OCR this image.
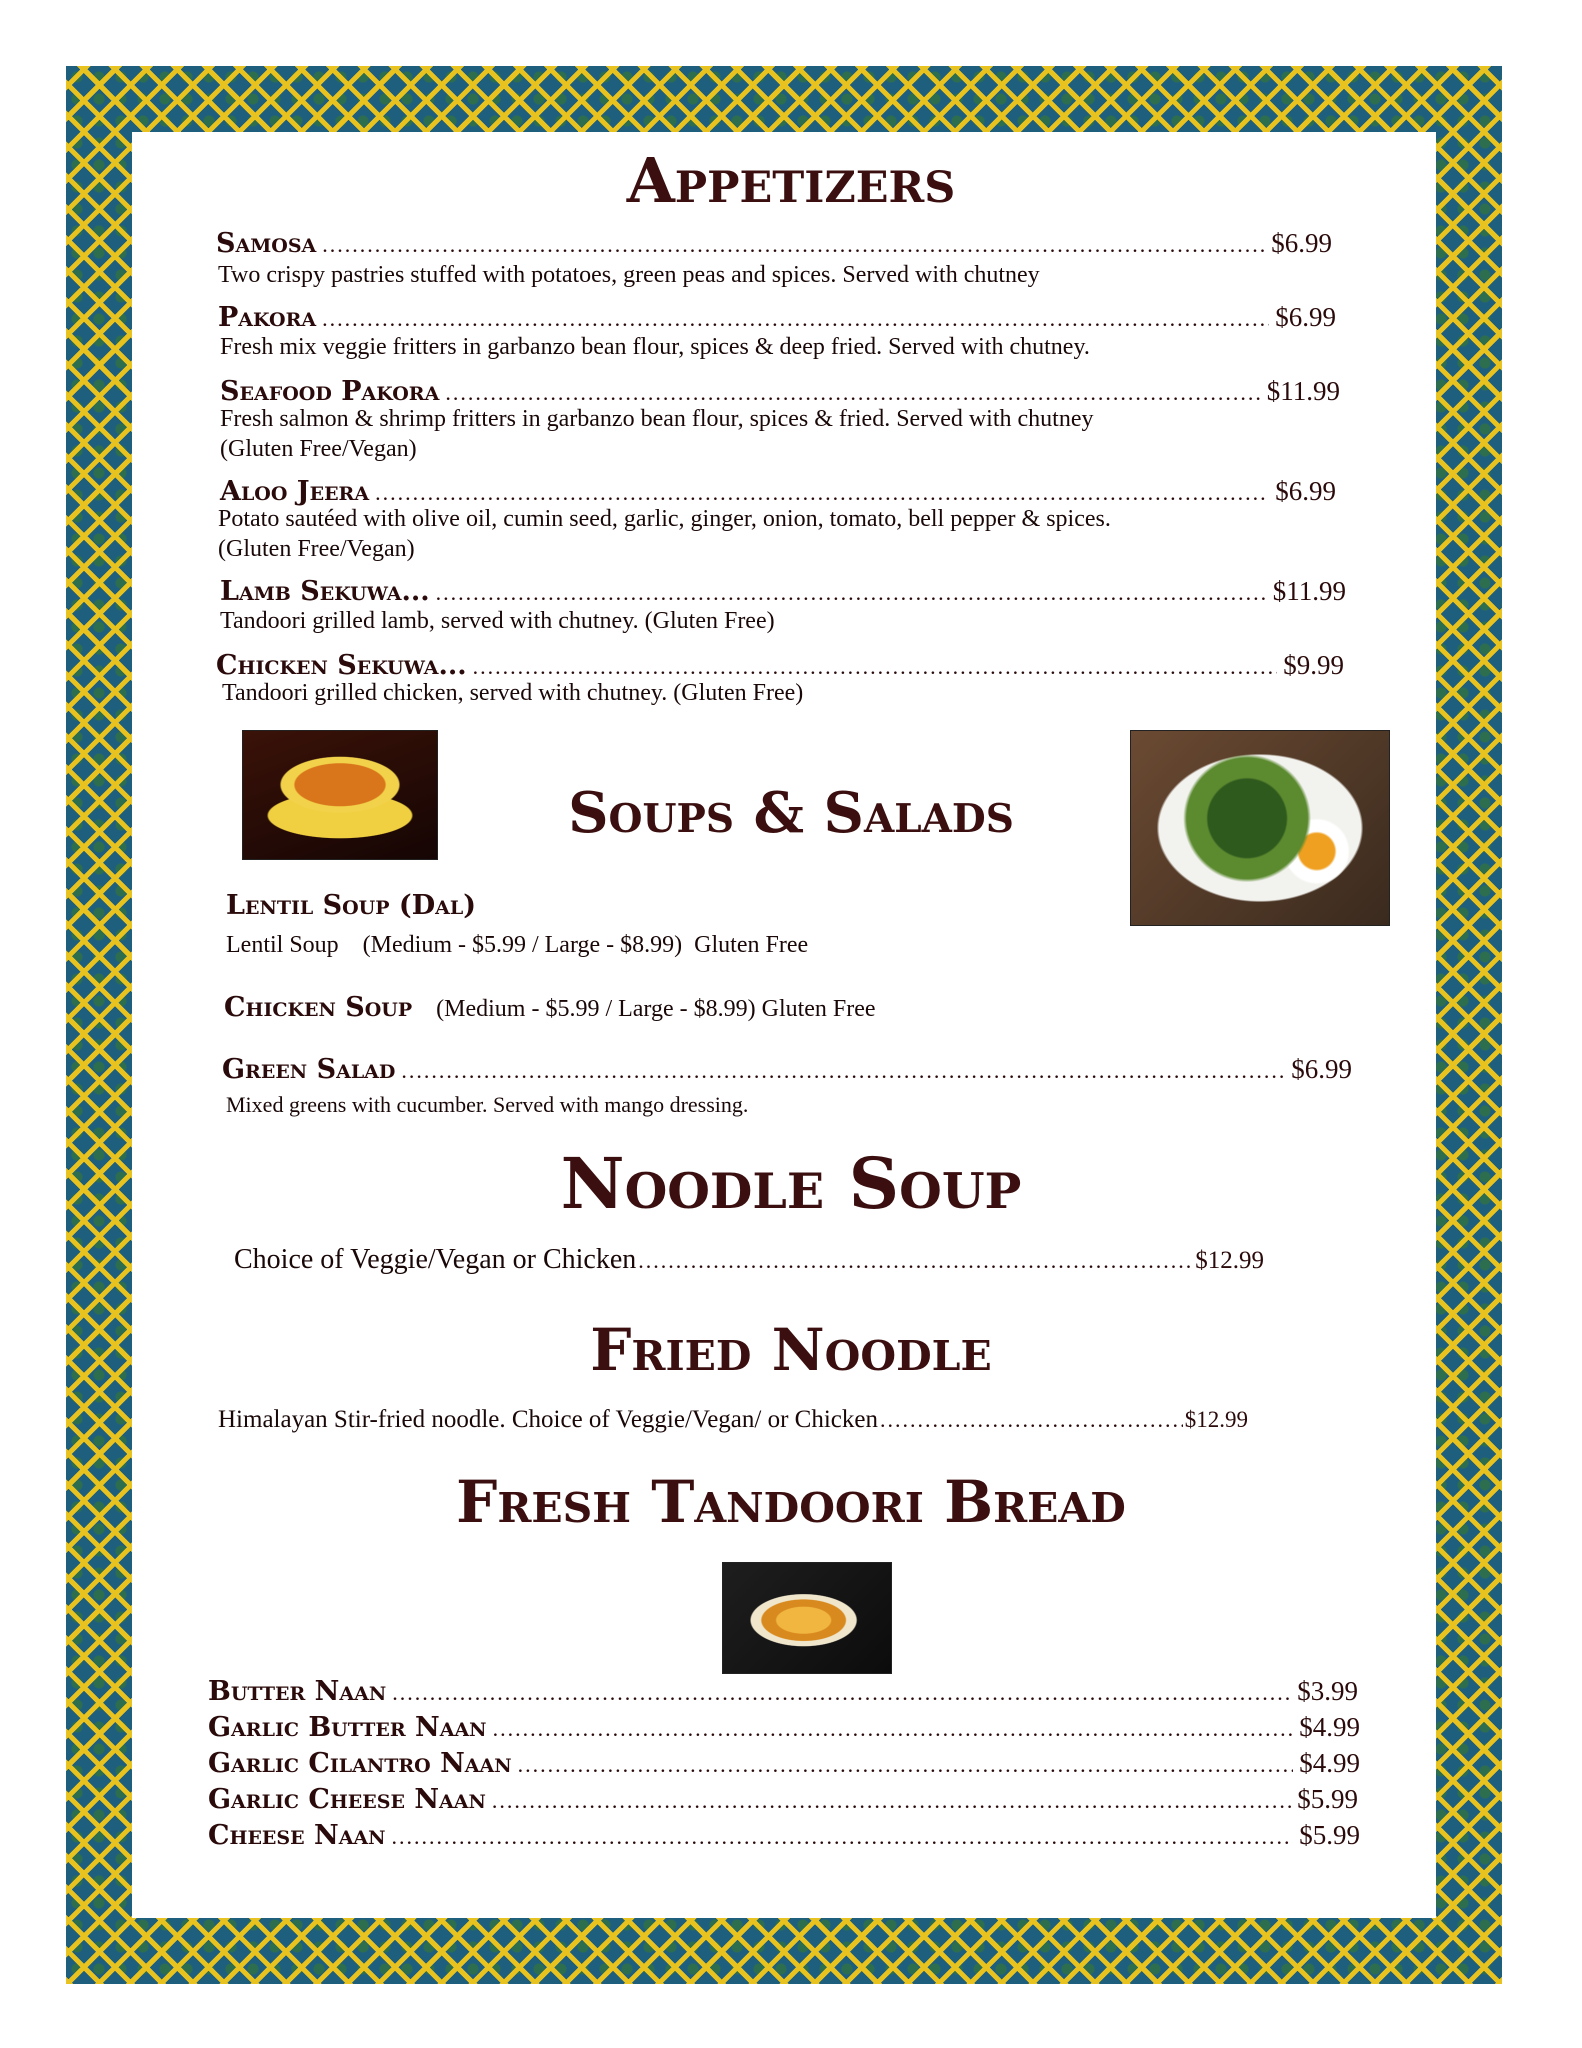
Appetizers
Samosa .....	$6.99
Two crispy pastries stuffed with potatoes, green peas and spices. Served with chutney
Pakora .....	$6.99
Fresh mix veggie fritters in garbanzo bean flour, spices & deep fried. Served with chutney.
Seafood Pakora .....	$11.99
Fresh salmon & shrimp fritters in garbanzo bean flour, spices & fried. Served with chutney
(Gluten Free/Vegan)
Aloo Jeera .....	$6.99
Potato sautéed with olive oil, cumin seed, garlic, ginger, onion, tomato, bell pepper & spices.
(Gluten Free/Vegan)
Lamb Sekuwa... .....	$11.99
Tandoori grilled lamb, served with chutney. (Gluten Free)
Chicken Sekuwa... .....	$9.99
Tandoori grilled chicken, served with chutney. (Gluten Free)
Soups & Salads
Lentil Soup (Dal)
Lentil Soup    (Medium - $5.99 / Large - $8.99)  Gluten Free
Chicken Soup (Medium - $5.99 / Large - $8.99) Gluten Free
Green Salad .....	$6.99
Mixed greens with cucumber. Served with mango dressing.
Noodle Soup
Choice of Veggie/Vegan or Chicken .....	$12.99
Fried Noodle
Himalayan Stir-fried noodle. Choice of Veggie/Vegan/ or Chicken .....	$12.99
Fresh Tandoori Bread
Butter Naan .....	$3.99
Garlic Butter Naan .....	$4.99
Garlic Cilantro Naan .....	$4.99
Garlic Cheese Naan .....	$5.99
Cheese Naan .....	$5.99
